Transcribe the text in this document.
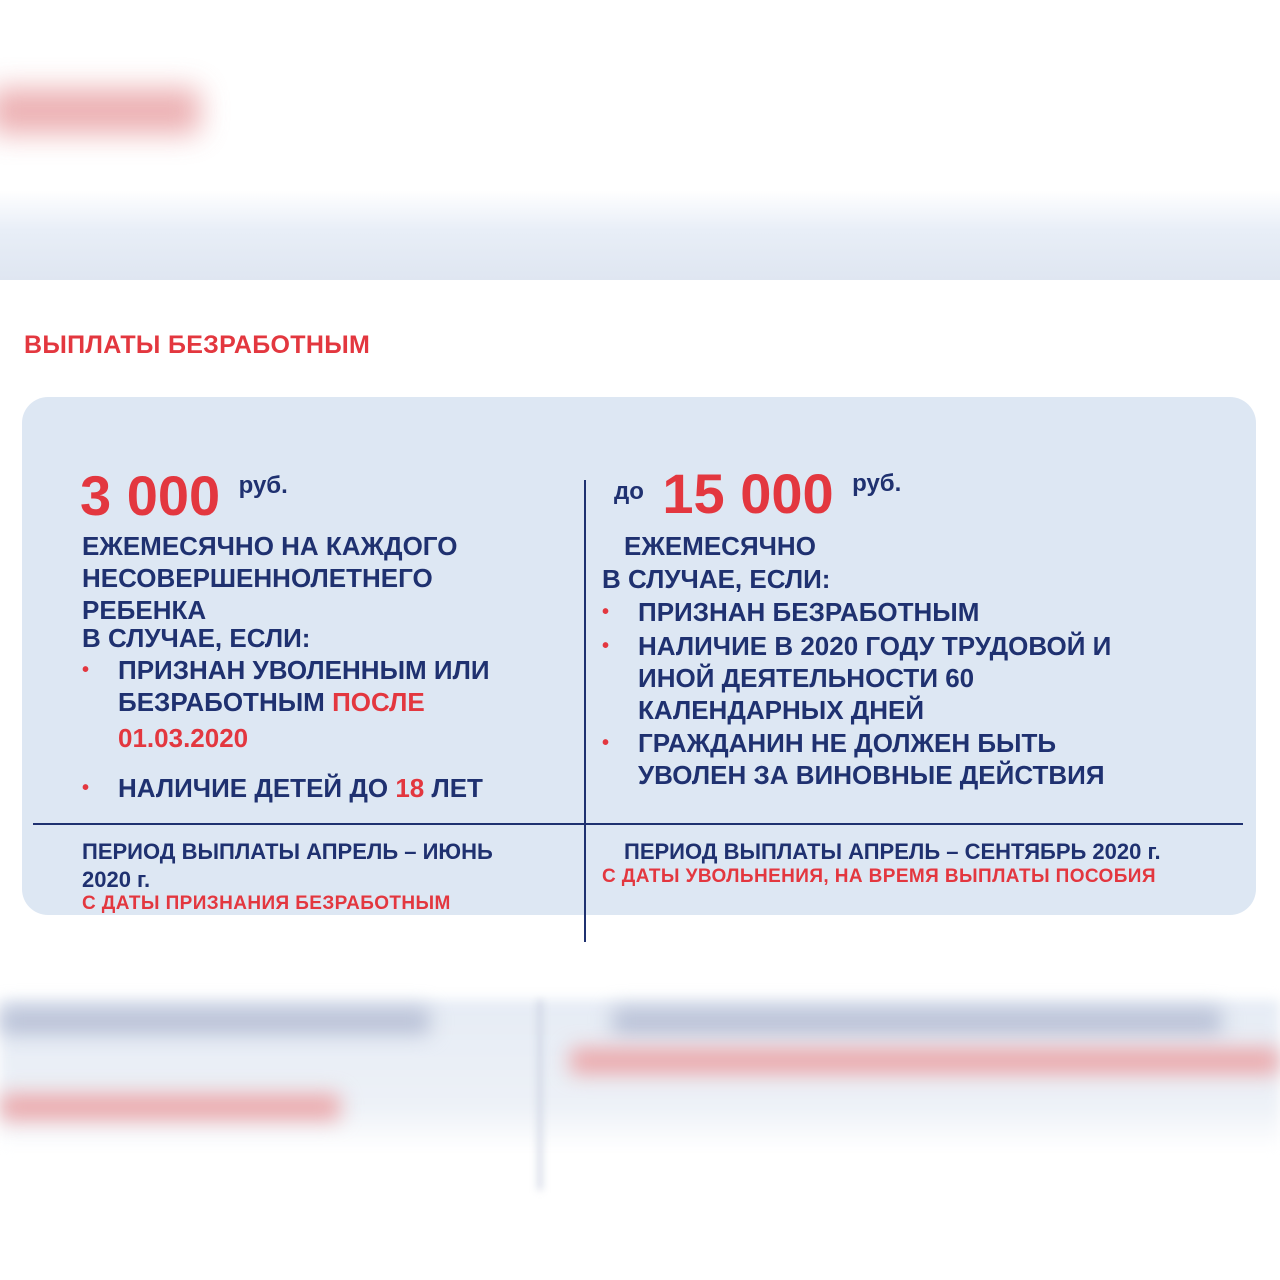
ВЫПЛАТЫ БЕЗРАБОТНЫМ
3 000 руб.
ЕЖЕМЕСЯЧНО НА КАЖДОГО
НЕСОВЕРШЕННОЛЕТНЕГО
РЕБЕНКА
В СЛУЧАЕ, ЕСЛИ:
• ПРИЗНАН УВОЛЕННЫМ ИЛИ
БЕЗРАБОТНЫМ ПОСЛЕ
01.03.2020
• НАЛИЧИЕ ДЕТЕЙ ДО 18 ЛЕТ
ПЕРИОД ВЫПЛАТЫ АПРЕЛЬ – ИЮНЬ
2020 г.
С ДАТЫ ПРИЗНАНИЯ БЕЗРАБОТНЫМ
до 15 000 руб.
ЕЖЕМЕСЯЧНО
В СЛУЧАЕ, ЕСЛИ:
• ПРИЗНАН БЕЗРАБОТНЫМ
• НАЛИЧИЕ В 2020 ГОДУ ТРУДОВОЙ И
ИНОЙ ДЕЯТЕЛЬНОСТИ 60
КАЛЕНДАРНЫХ ДНЕЙ
• ГРАЖДАНИН НЕ ДОЛЖЕН БЫТЬ
УВОЛЕН ЗА ВИНОВНЫЕ ДЕЙСТВИЯ
ПЕРИОД ВЫПЛАТЫ АПРЕЛЬ – СЕНТЯБРЬ 2020 г.
С ДАТЫ УВОЛЬНЕНИЯ, НА ВРЕМЯ ВЫПЛАТЫ ПОСОБИЯ
